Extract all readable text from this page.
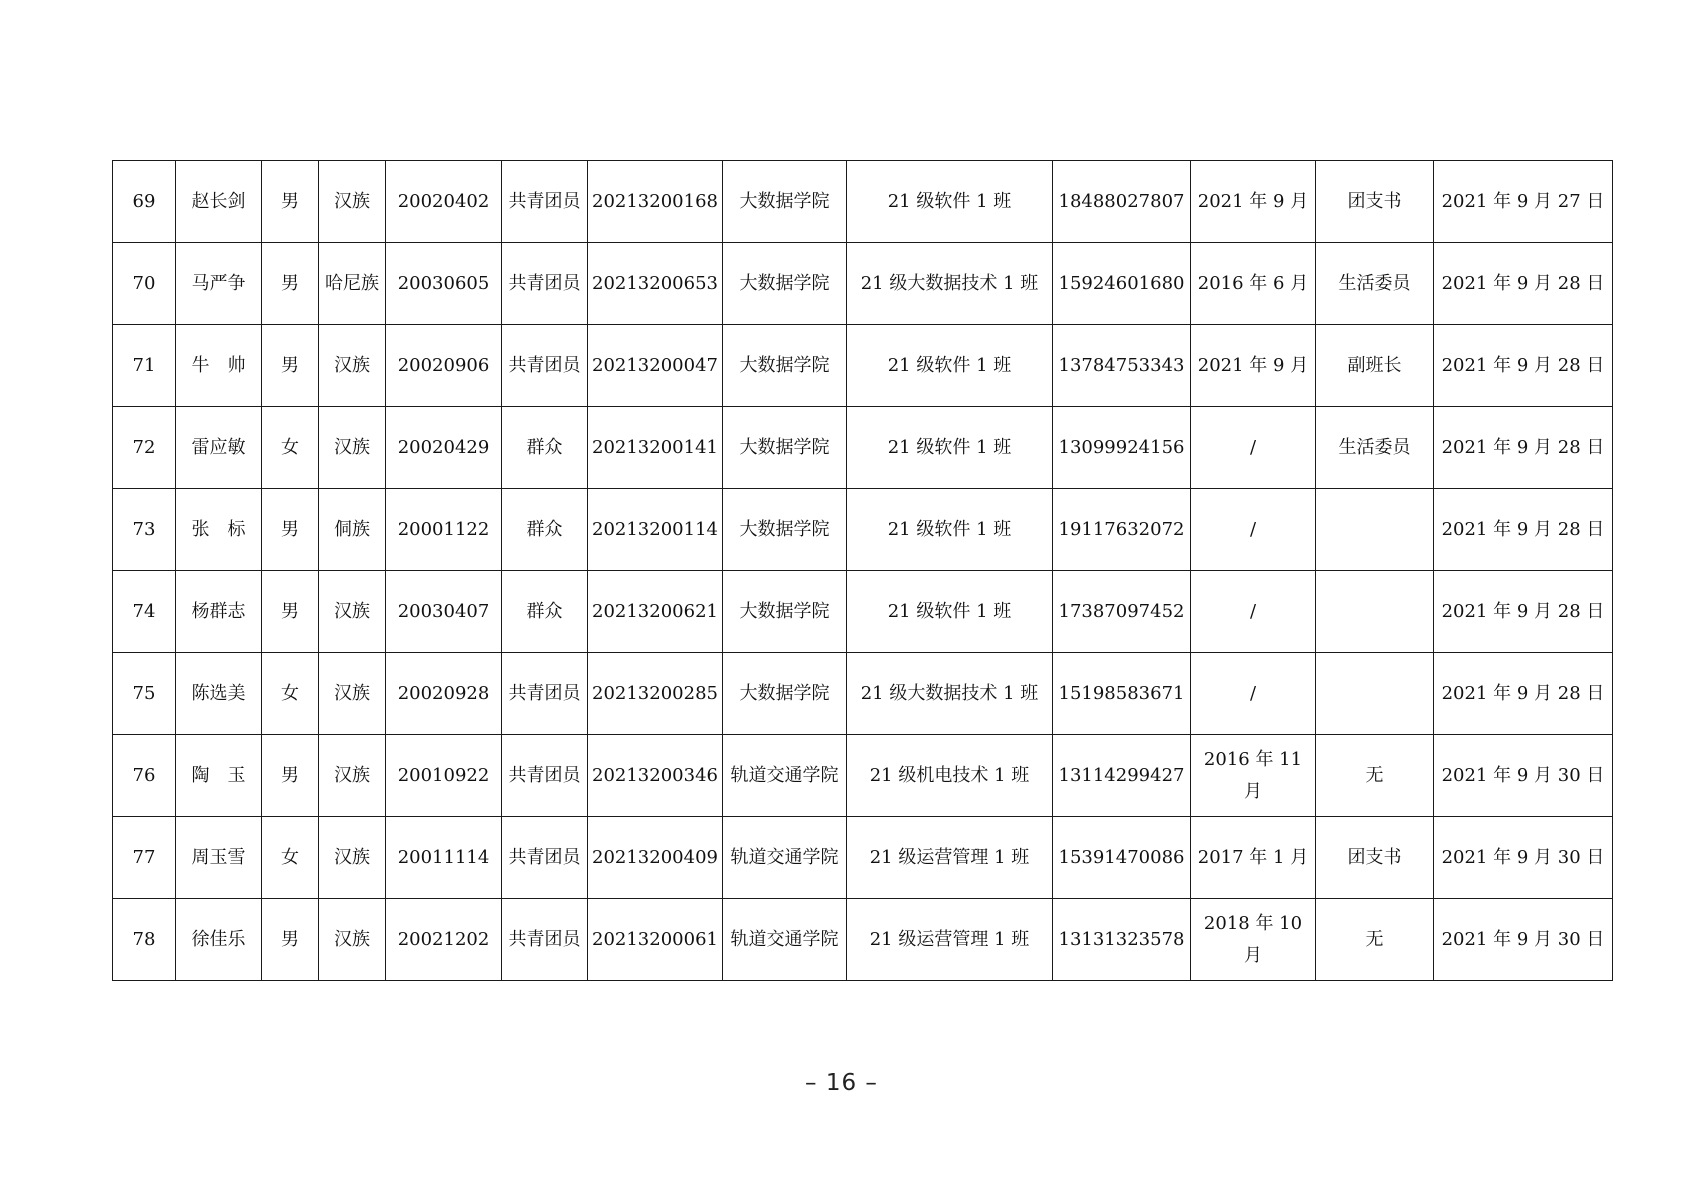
69	赵长剑	男	汉族	20020402	共青团员	20213200168	大数据学院	21 级软件 1 班	18488027807	2021 年 9 月	团支书	2021 年 9 月 27 日
70	马严争	男	哈尼族	20030605	共青团员	20213200653	大数据学院	21 级大数据技术 1 班	15924601680	2016 年 6 月	生活委员	2021 年 9 月 28 日
71	牛　帅	男	汉族	20020906	共青团员	20213200047	大数据学院	21 级软件 1 班	13784753343	2021 年 9 月	副班长	2021 年 9 月 28 日
72	雷应敏	女	汉族	20020429	群众	20213200141	大数据学院	21 级软件 1 班	13099924156	/	生活委员	2021 年 9 月 28 日
73	张　标	男	侗族	20001122	群众	20213200114	大数据学院	21 级软件 1 班	19117632072	/		2021 年 9 月 28 日
74	杨群志	男	汉族	20030407	群众	20213200621	大数据学院	21 级软件 1 班	17387097452	/		2021 年 9 月 28 日
75	陈选美	女	汉族	20020928	共青团员	20213200285	大数据学院	21 级大数据技术 1 班	15198583671	/		2021 年 9 月 28 日
76	陶　玉	男	汉族	20010922	共青团员	20213200346	轨道交通学院	21 级机电技术 1 班	13114299427	2016 年 11 月	无	2021 年 9 月 30 日
77	周玉雪	女	汉族	20011114	共青团员	20213200409	轨道交通学院	21 级运营管理 1 班	15391470086	2017 年 1 月	团支书	2021 年 9 月 30 日
78	徐佳乐	男	汉族	20021202	共青团员	20213200061	轨道交通学院	21 级运营管理 1 班	13131323578	2018 年 10 月	无	2021 年 9 月 30 日
– 16 –
